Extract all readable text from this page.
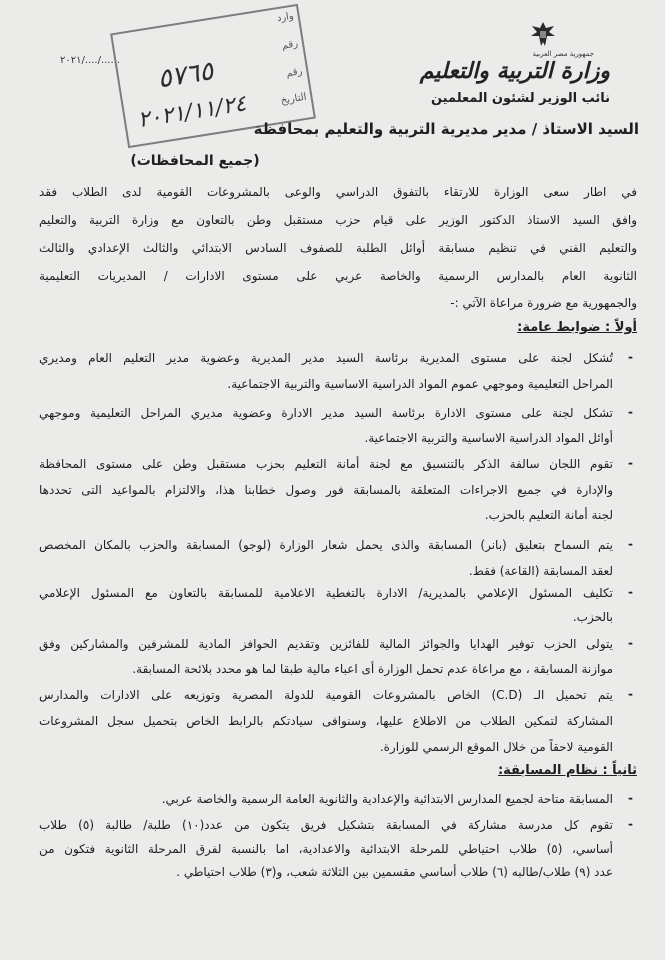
جمهورية مصر العربية
وزارة التربية والتعليم
نائب الوزير لشئون المعلمين
٢٠٢١/..../......
وارد
رقم
رقم
التاريخ
٥٧٦٥
٢٠٢١/١١/٢٤ السيد الاستاذ / مدير مديرية التربية والتعليم بمحافظة
(جميع المحافظات)
في اطار سعى الوزارة للارتقاء بالتفوق الدراسي والوعى بالمشروعات القومية لدى الطلاب فقد
وافق السيد الاستاذ الدكتور الوزير على قيام حزب مستقبل وطن بالتعاون مع وزارة التربية والتعليم
والتعليم الفني في تنظيم مسابقة أوائل الطلبة للصفوف السادس الابتدائي والثالث الإعدادي والثالث
الثانوية العام بالمدارس الرسمية والخاصة عربي على مستوى الادارات / المديريات التعليمية
والجمهورية مع ضرورة مراعاة الآتي :-
أولاً : ضوابط عامة:
-
تُشكل لجنة على مستوى المديرية برئاسة السيد مدير المديرية وعضوية مدير التعليم العام ومديري
المراحل التعليمية وموجهي عموم المواد الدراسية الاساسية والتربية الاجتماعية.
-
تشكل لجنة على مستوى الادارة برئاسة السيد مدير الادارة وعضوية مديري المراحل التعليمية وموجهي
أوائل المواد الدراسية الاساسية والتربية الاجتماعية.
-
تقوم اللجان سالفة الذكر بالتنسيق مع لجنة أمانة التعليم بحزب مستقبل وطن على مستوى المحافظة
والإدارة في جميع الاجراءات المتعلقة بالمسابقة فور وصول خطابنا هذا، والالتزام بالمواعيد التى تحددها
لجنة أمانة التعليم بالحزب.
-
يتم السماح بتعليق (بانر) المسابقة والذى يحمل شعار الوزارة (لوجو) المسابقة والحزب بالمكان المخصص
لعقد المسابقة (القاعة) فقط.
-
تكليف المسئول الإعلامي بالمديرية/ الادارة بالتغطية الاعلامية للمسابقة بالتعاون مع المسئول الإعلامي
بالحزب.
-
يتولى الحزب توفير الهدايا والجوائز المالية للفائزين وتقديم الحوافز المادية للمشرفين والمشاركين وفق
موازنة المسابقة ، مع مراعاة عدم تحمل الوزارة أى اعباء مالية طبقا لما هو محدد بلائحة المسابقة.
-
يتم تحميل الـ (C.D) الخاص بالمشروعات القومية للدولة المصرية وتوزيعه على الادارات والمدارس
المشاركة لتمكين الطلاب من الاطلاع عليها، وسنوافى سيادتكم بالرابط الخاص بتحميل سجل المشروعات
القومية لاحقاً من خلال الموقع الرسمي للوزارة.
ثانياً : نظام المسابقة:
-
المسابقة متاحة لجميع المدارس الابتدائية والإعدادية والثانوية العامة الرسمية والخاصة عربي.
-
تقوم كل مدرسة مشاركة في المسابقة بتشكيل فريق يتكون من عدد(١٠) طلبة/ طالبة (٥) طلاب
أساسي، (٥) طلاب احتياطي للمرحلة الابتدائية والاعدادية، اما بالنسبة لفرق المرحلة الثانوية فتكون من
عدد (٩) طلاب/طالبه (٦) طلاب أساسي مقسمين بين الثلاثة شعب، و(٣) طلاب احتياطي .
